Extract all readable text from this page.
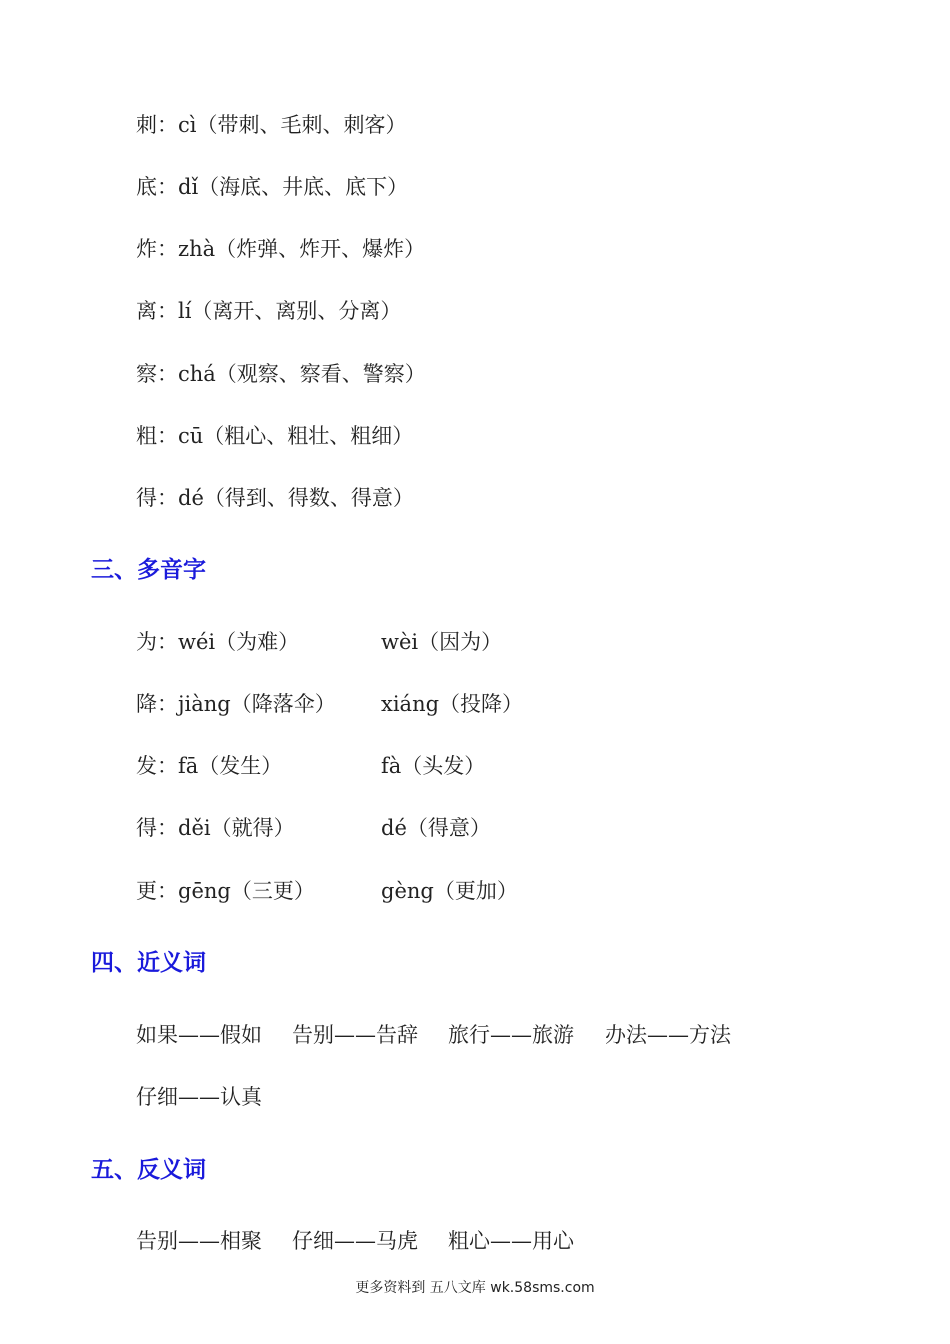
刺：cì（带刺、毛刺、刺客）
底：dǐ（海底、井底、底下）
炸：zhà（炸弹、炸开、爆炸）
离：lí（离开、离别、分离）
察：chá（观察、察看、警察）
粗：cū（粗心、粗壮、粗细）
得：dé（得到、得数、得意）
三、多音字
为：wéi（为难）	wèi（因为）
降：jiàng（降落伞） xiáng（投降）
发：fā（发生）	fà（头发）
得：děi（就得）	dé（得意）
更：gēng（三更）	gèng（更加）
四、近义词
如果——假如 告别——告辞 旅行——旅游 办法——方法
仔细——认真
五、反义词
告别——相聚 仔细——马虎 粗心——用心
更多资料到 五八文库 wk.58sms.com
